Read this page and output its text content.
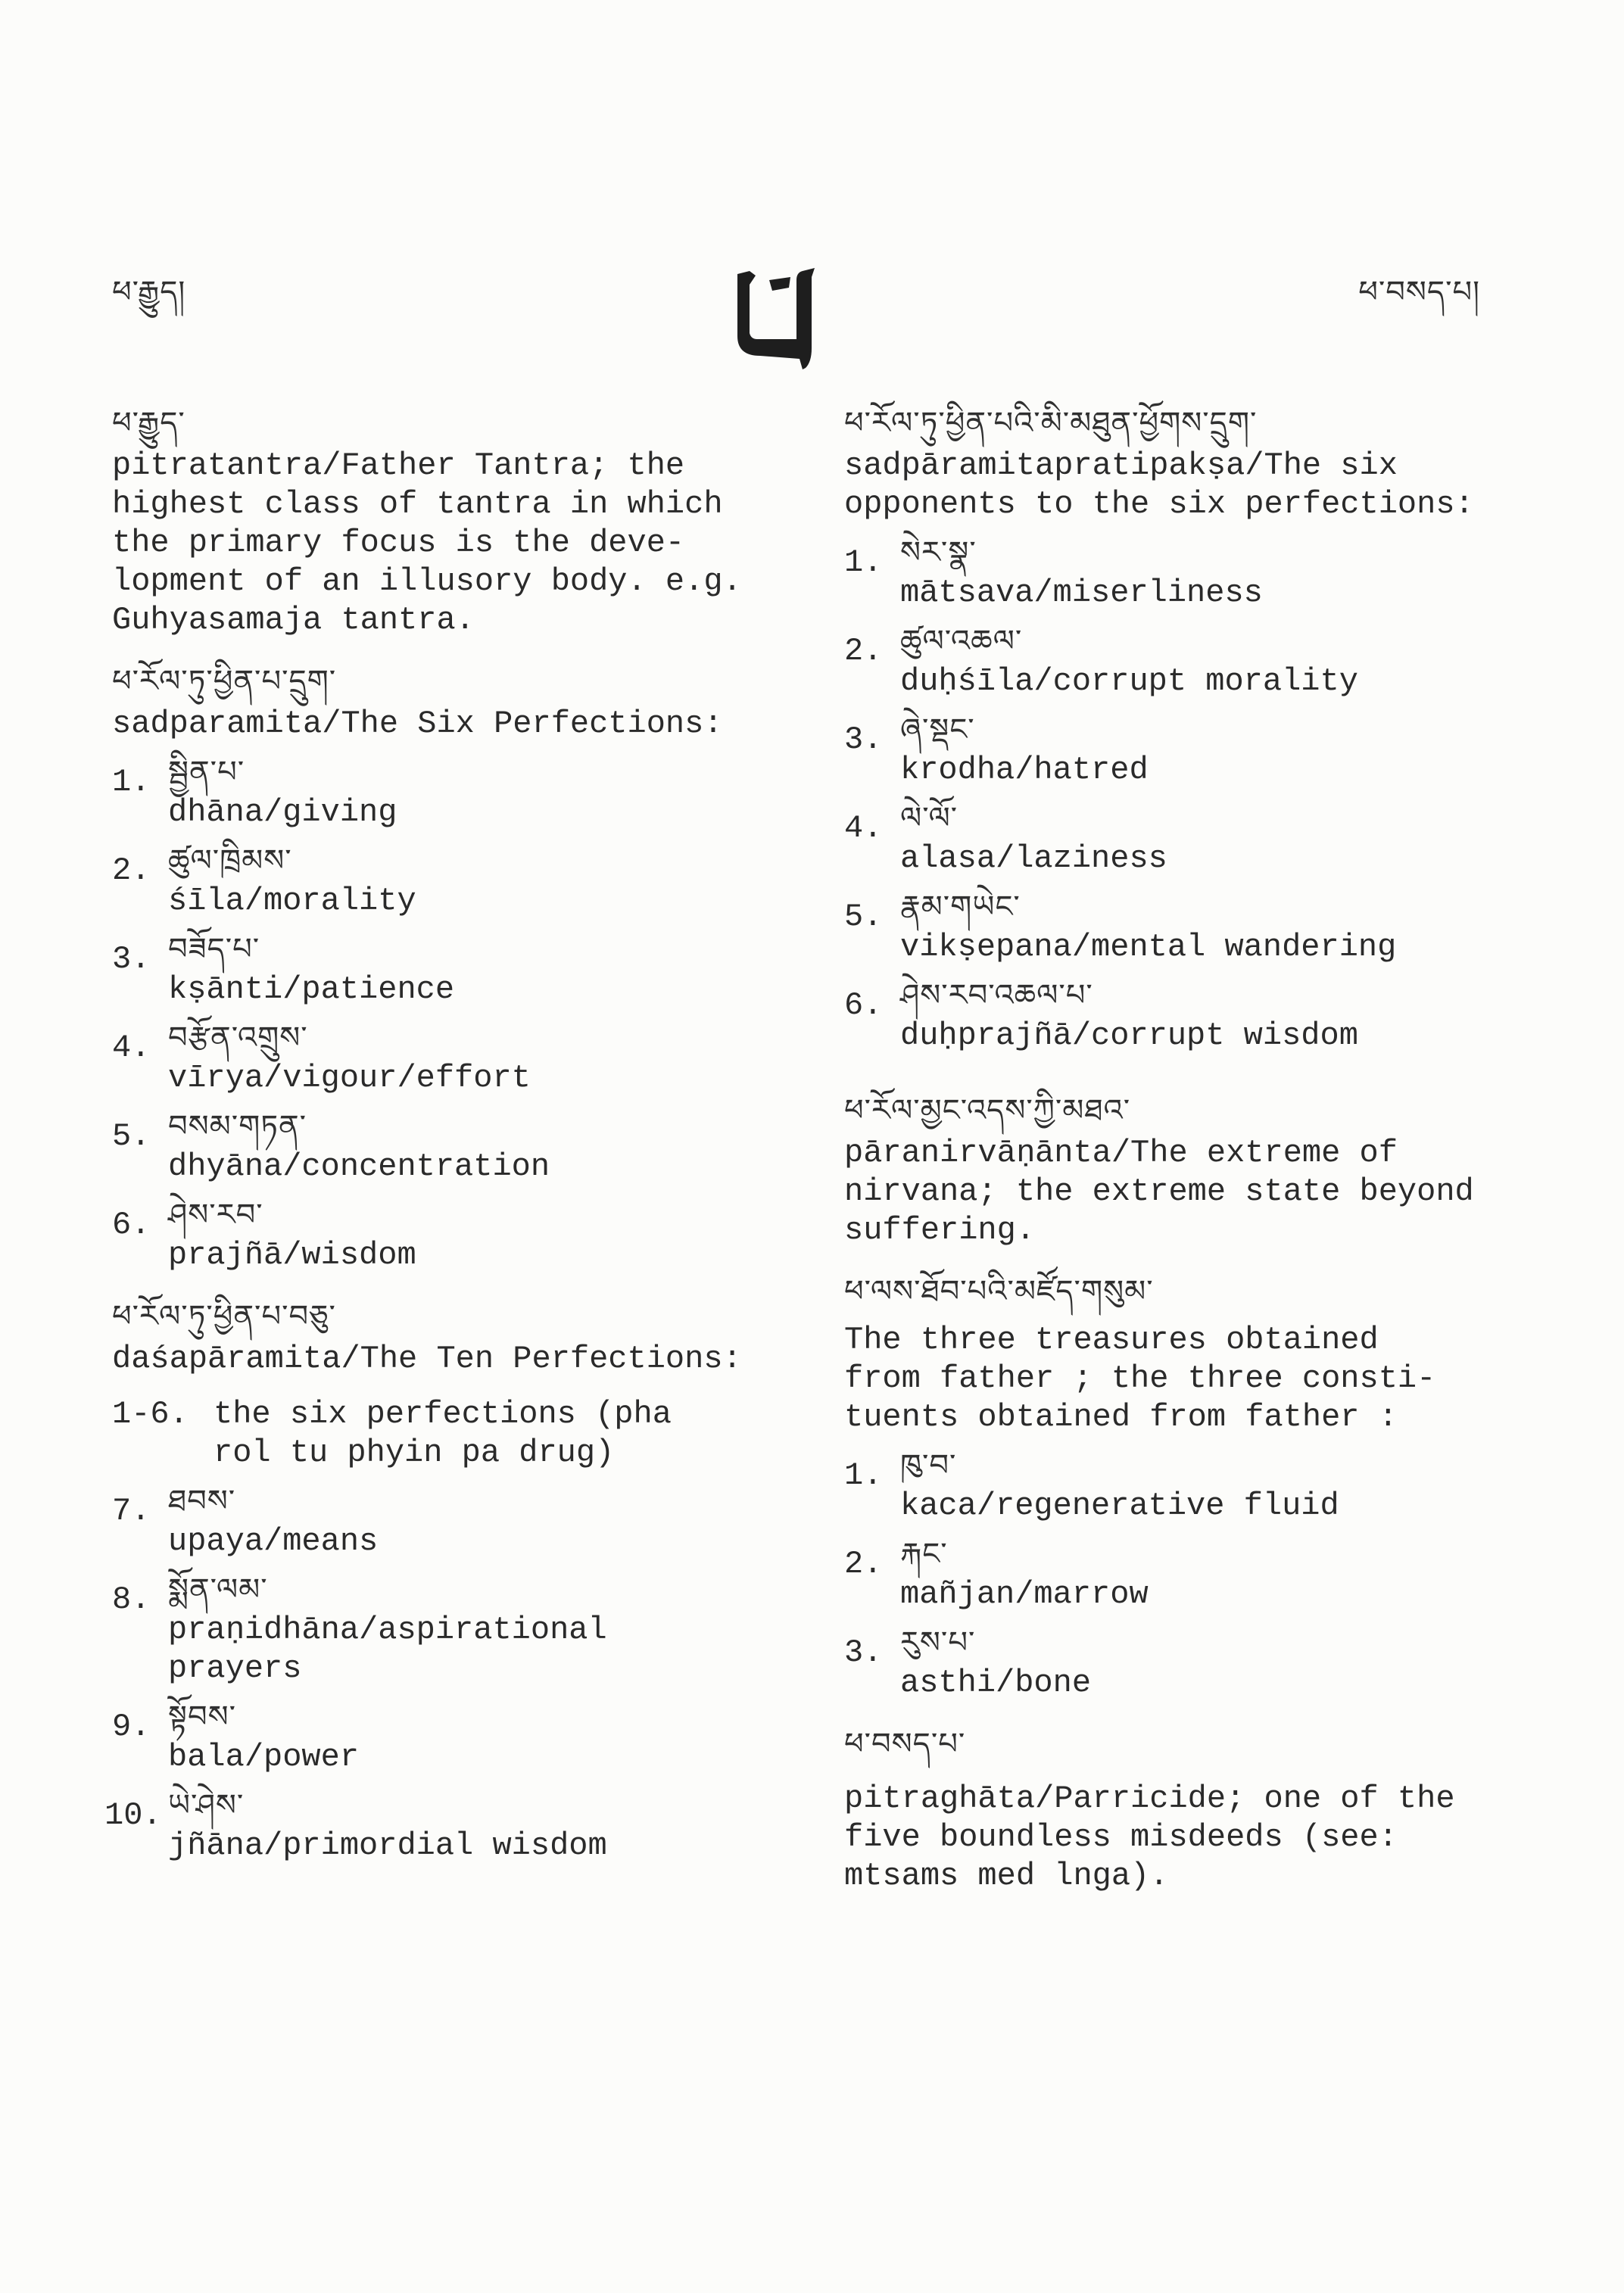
ཕ་རྒྱུད།	ཕ་བསད་པ།
ཕ་རྒྱུད་
pitratantra/Father Tantra; the
highest class of tantra in which
the primary focus is the deve-
lopment of an illusory body. e.g.
Guhyasamaja tantra.
ཕ་རོལ་ཏུ་ཕྱིན་པ་དྲུག་
sadparamita/The Six Perfections:
1. སྦྱིན་པ་
dhāna/giving
2. ཚུལ་ཁྲིམས་
śīla/morality
3. བཟོད་པ་
kṣānti/patience
4. བརྩོན་འགྲུས་
vīrya/vigour/effort
5. བསམ་གཏན་
dhyāna/concentration
6. ཤེས་རབ་
prajñā/wisdom
ཕ་རོལ་ཏུ་ཕྱིན་པ་བཅུ་
daśapāramita/The Ten Perfections:
1-6. the six perfections (pha
rol tu phyin pa drug)
7. ཐབས་
upaya/means
8. སྨོན་ལམ་
praṇidhāna/aspirational
prayers
9. སྟོབས་
bala/power
10. ཡེ་ཤེས་
jñāna/primordial wisdom
ཕ་རོལ་ཏུ་ཕྱིན་པའི་མི་མཐུན་ཕྱོགས་དྲུག་
sadpāramitapratipakṣa/The six
opponents to the six perfections:
1. སེར་སྣ་
mātsava/miserliness
2. ཚུལ་འཆལ་
duḥśīla/corrupt morality
3. ཞེ་སྡང་
krodha/hatred
4. ལེ་ལོ་
alasa/laziness
5. རྣམ་གཡེང་
vikṣepana/mental wandering
6. ཤེས་རབ་འཆལ་པ་
duḥprajñā/corrupt wisdom
ཕ་རོལ་མྱང་འདས་ཀྱི་མཐའ་
pāranirvāṇānta/The extreme of
nirvana; the extreme state beyond
suffering.
ཕ་ལས་ཐོབ་པའི་མཛོད་གསུམ་
The three treasures obtained
from father ; the three consti-
tuents obtained from father :
1. ཁུ་བ་
kaca/regenerative fluid
2. རྐང་
mañjan/marrow
3. རུས་པ་
asthi/bone
ཕ་བསད་པ་
pitraghāta/Parricide; one of the
five boundless misdeeds (see:
mtsams med lnga).
